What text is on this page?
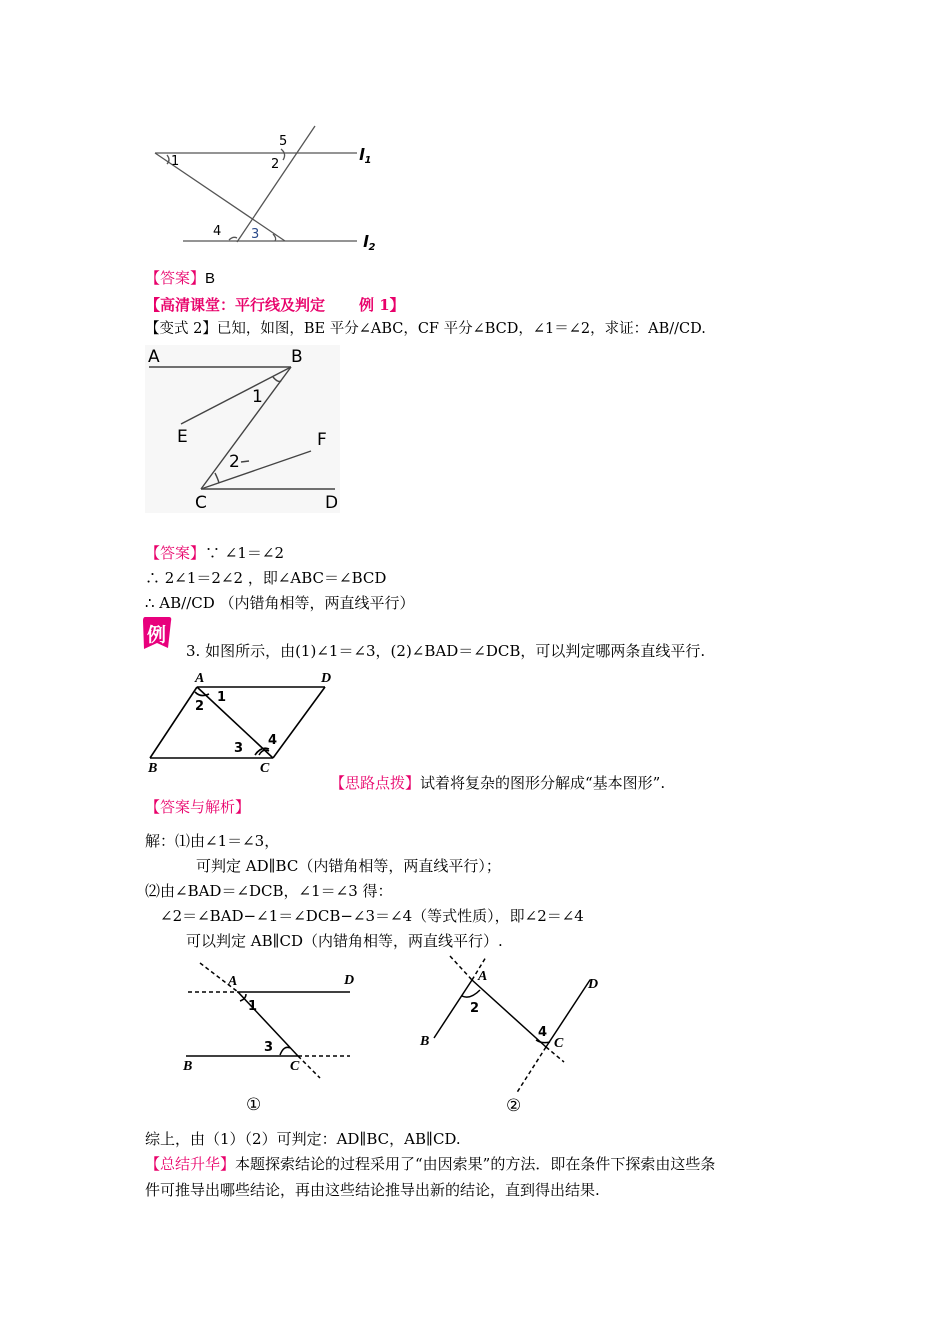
1	2
3
4
5
l1
l2
【答案】B
【高清课堂：平行线及判定 例 1】
【变式 2】已知，如图，BE 平分∠ABC，CF 平分∠BCD，∠1＝∠2，求证：AB//CD.
A	B
E	F
C	D
1
2
【答案】∵ ∠1＝∠2
∴ 2∠1＝2∠2 ，即∠ABC＝∠BCD
∴ AB//CD （内错角相等，两直线平行）
例
3. 如图所示，由(1)∠1＝∠3，(2)∠BAD＝∠DCB，可以判定哪两条直线平行.
A	D
B	C
1
2
3
4
【思路点拨】试着将复杂的图形分解成“基本图形”.
【答案与解析】
解：⑴由∠1＝∠3，
可判定 AD∥BC（内错角相等，两直线平行）；
⑵由∠BAD＝∠DCB，∠1＝∠3 得：
∠2＝∠BAD−∠1＝∠DCB−∠3＝∠4（等式性质），即∠2＝∠4
可以判定 AB∥CD（内错角相等，两直线平行）.
A	D
B	C
1
3
①
A
D
B	C
2
4
②
综上，由（1）（2）可判定：AD∥BC，AB∥CD.
【总结升华】本题探索结论的过程采用了“由因索果”的方法．即在条件下探索由这些条
件可推导出哪些结论，再由这些结论推导出新的结论，直到得出结果.
